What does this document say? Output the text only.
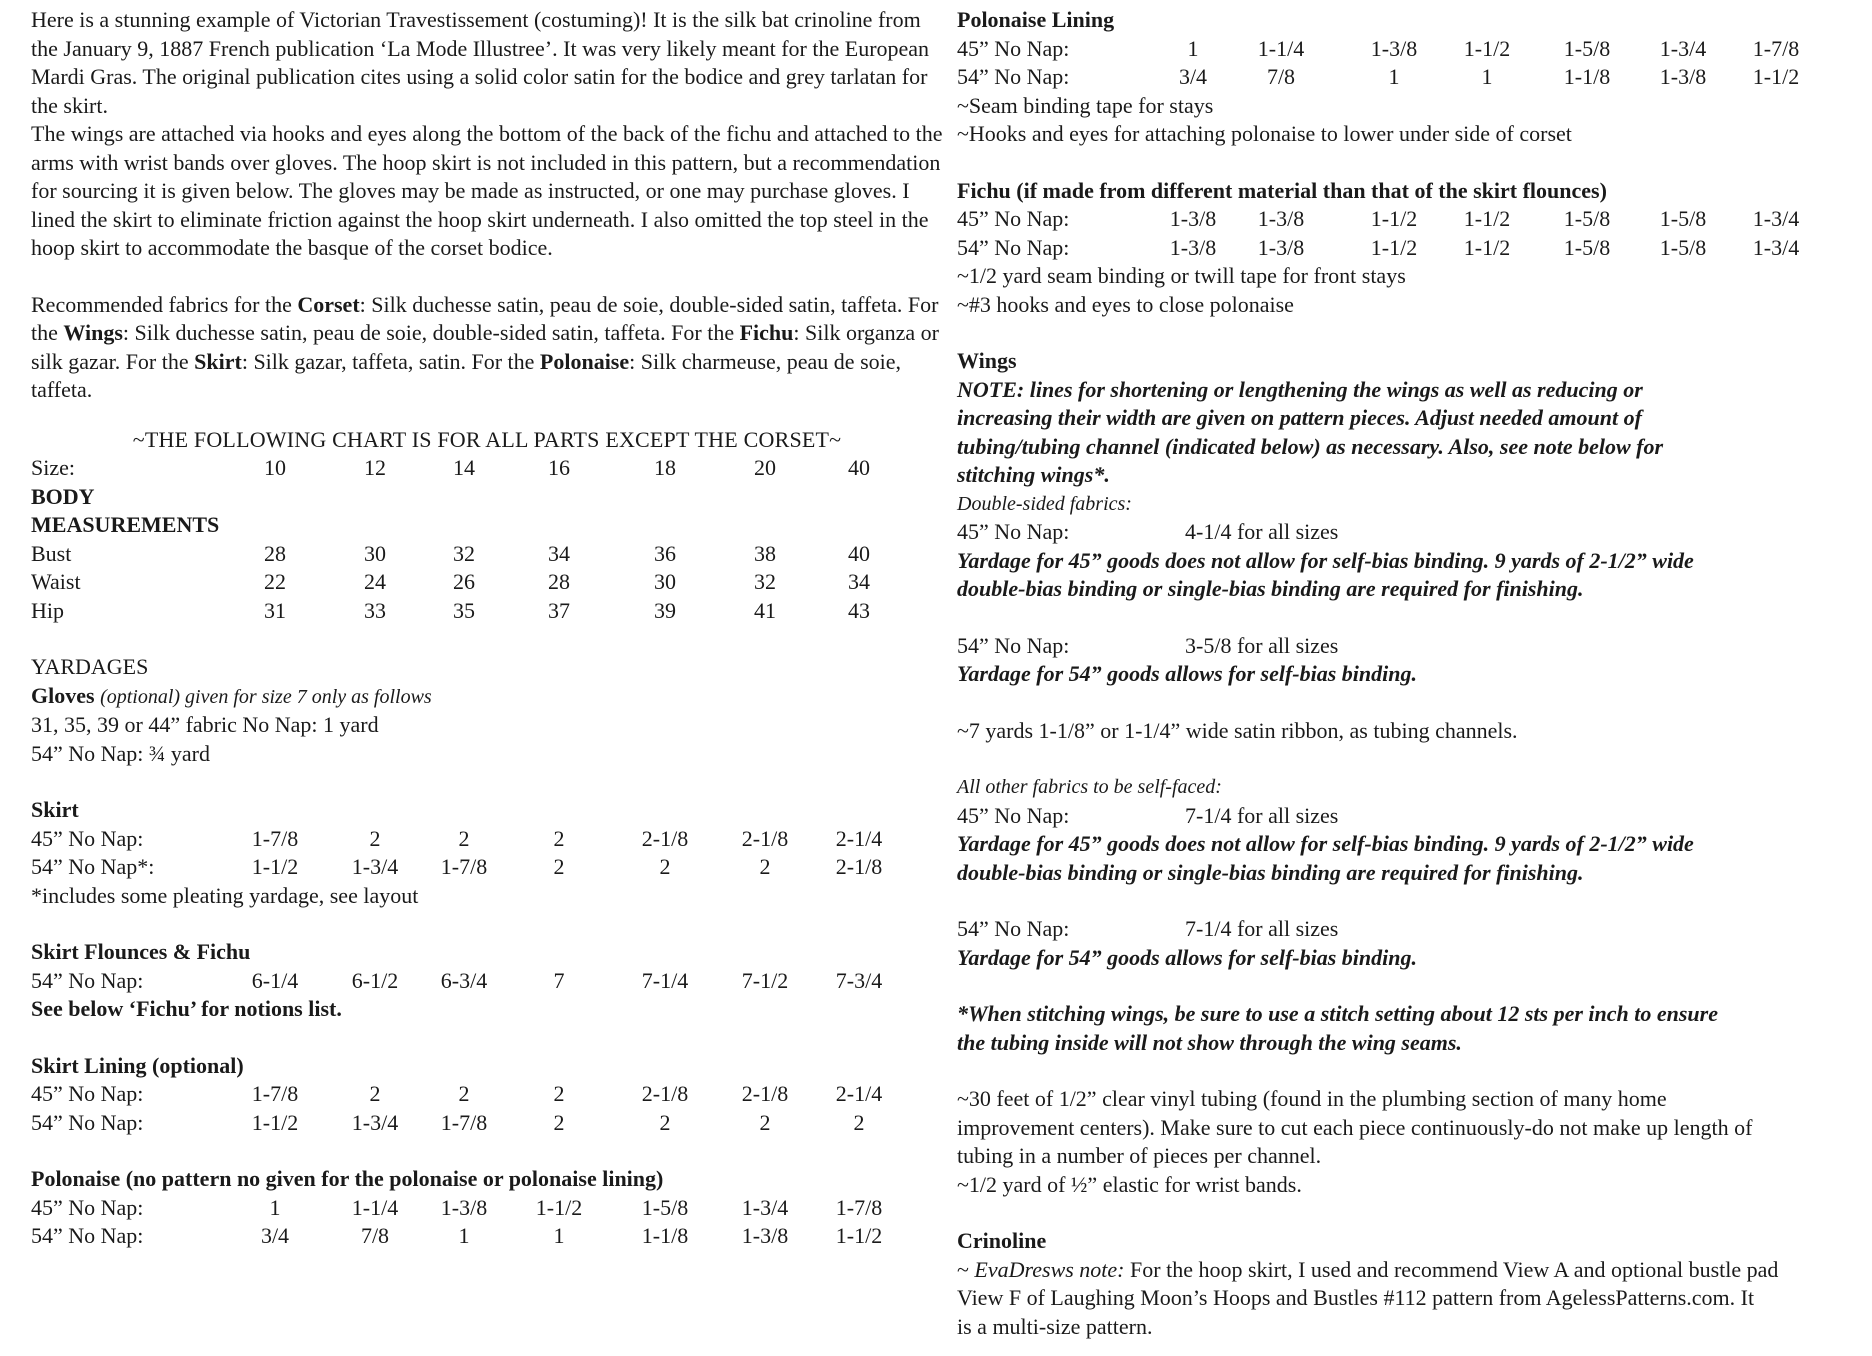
Here is a stunning example of Victorian Travestissement (costuming)! It is the silk bat crinoline from the January 9, 1887 French publication ‘La Mode Illustree’. It was very likely meant for the European Mardi Gras. The original publication cites using a solid color satin for the bodice and grey tarlatan for the skirt.

The wings are attached via hooks and eyes along the bottom of the back of the fichu and attached to the arms with wrist bands over gloves. The hoop skirt is not included in this pattern, but a recommendation for sourcing it is given below. The gloves may be made as instructed, or one may purchase gloves. I lined the skirt to eliminate friction against the hoop skirt underneath. I also omitted the top steel in the hoop skirt to accommodate the basque of the corset bodice.

Recommended fabrics for the Corset: Silk duchesse satin, peau de soie, double-sided satin, taffeta. For the Wings: Silk duchesse satin, peau de soie, double-sided satin, taffeta. For the Fichu: Silk organza or silk gazar. For the Skirt: Silk gazar, taffeta, satin. For the Polonaise: Silk charmeuse, peau de soie, taffeta.

~THE FOLLOWING CHART IS FOR ALL PARTS EXCEPT THE CORSET~

Size:	10	12	14	16	18	20	40

BODY

MEASUREMENTS

Bust	28	30	32	34	36	38	40
Waist	22	24	26	28	30	32	34
Hip	31	33	35	37	39	41	43

YARDAGES

Gloves (optional) given for size 7 only as follows

31, 35, 39 or 44” fabric No Nap: 1 yard

54” No Nap: ¾ yard

Skirt

45” No Nap:	1-7/8	2	2	2	2-1/8 2-1/8 2-1/4
54” No Nap*:	1-1/2 1-3/4 1-7/8	2	2	2	2-1/8

*includes some pleating yardage, see layout

Skirt Flounces & Fichu

54” No Nap:	6-1/4 6-1/2 6-3/4	7	7-1/4 7-1/2 7-3/4

See below ‘Fichu’ for notions list.

Skirt Lining (optional)

45” No Nap:	1-7/8	2	2	2	2-1/8 2-1/8 2-1/4
54” No Nap:	1-1/2 1-3/4 1-7/8	2	2	2	2

Polonaise (no pattern no given for the polonaise or polonaise lining)

45” No Nap:	1	1-1/4 1-3/8 1-1/2	1-5/8 1-3/4 1-7/8
54” No Nap:	3/4	7/8	1	1	1-1/8 1-3/8 1-1/2

Polonaise Lining

45” No Nap:	1	1-1/4	1-3/8 1-1/2 1-5/8 1-3/4 1-7/8
54” No Nap:	3/4	7/8	1	1	1-1/8 1-3/8 1-1/2

~Seam binding tape for stays

~Hooks and eyes for attaching polonaise to lower under side of corset

Fichu (if made from different material than that of the skirt flounces)

45” No Nap:	1-3/8 1-3/8	1-1/2 1-1/2 1-5/8 1-5/8 1-3/4
54” No Nap:	1-3/8 1-3/8	1-1/2 1-1/2 1-5/8 1-5/8 1-3/4

~1/2 yard seam binding or twill tape for front stays

~#3 hooks and eyes to close polonaise

Wings

NOTE: lines for shortening or lengthening the wings as well as reducing or

increasing their width are given on pattern pieces. Adjust needed amount of

tubing/tubing channel (indicated below) as necessary. Also, see note below for

stitching wings*.

Double-sided fabrics:

45” No Nap:	4-1/4 for all sizes

Yardage for 45” goods does not allow for self-bias binding. 9 yards of 2-1/2” wide

double-bias binding or single-bias binding are required for finishing.

54” No Nap:	3-5/8 for all sizes

Yardage for 54” goods allows for self-bias binding.

~7 yards 1-1/8” or 1-1/4” wide satin ribbon, as tubing channels.

All other fabrics to be self-faced:

45” No Nap:	7-1/4 for all sizes

Yardage for 45” goods does not allow for self-bias binding. 9 yards of 2-1/2” wide

double-bias binding or single-bias binding are required for finishing.

54” No Nap:	7-1/4 for all sizes

Yardage for 54” goods allows for self-bias binding.

*When stitching wings, be sure to use a stitch setting about 12 sts per inch to ensure

the tubing inside will not show through the wing seams.

~30 feet of 1/2” clear vinyl tubing (found in the plumbing section of many home

improvement centers). Make sure to cut each piece continuously-do not make up length of

tubing in a number of pieces per channel.

~1/2 yard of ½” elastic for wrist bands.

Crinoline

~ EvaDresws note: For the hoop skirt, I used and recommend View A and optional bustle pad

View F of Laughing Moon’s Hoops and Bustles #112 pattern from AgelessPatterns.com. It

is a multi-size pattern.
